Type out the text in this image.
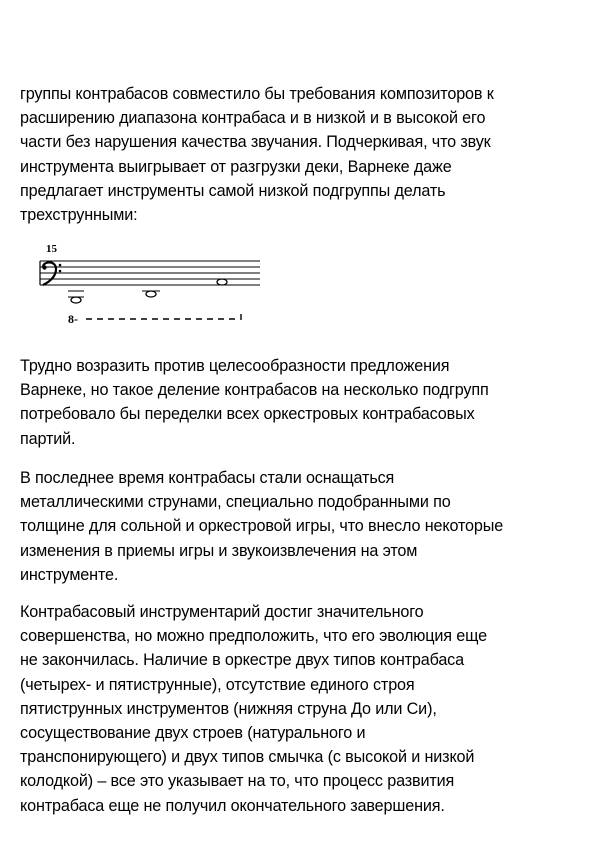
группы контрабасов совместило бы требования композиторов к
расширению диапазона контрабаса и в низкой и в высокой его
части без нарушения качества звучания. Подчеркивая, что звук
инструмента выигрывает от разгрузки деки, Варнеке даже
предлагает инструменты самой низкой подгруппы делать
трехструнными:
15
8-
Трудно возразить против целесообразности предложения
Варнеке, но такое деление контрабасов на несколько подгрупп
потребовало бы переделки всех оркестровых контрабасовых
партий.
В последнее время контрабасы стали оснащаться
металлическими струнами, специально подобранными по
толщине для сольной и оркестровой игры, что внесло некоторые
изменения в приемы игры и звукоизвлечения на этом
инструменте.
Контрабасовый инструментарий достиг значительного
совершенства, но можно предположить, что его эволюция еще
не закончилась. Наличие в оркестре двух типов контрабаса
(четырех- и пятиструнные), отсутствие единого строя
пятиструнных инструментов (нижняя струна До или Си),
сосуществование двух строев (натурального и
транспонирующего) и двух типов смычка (с высокой и низкой
колодкой) – все это указывает на то, что процесс развития
контрабаса еще не получил окончательного завершения.
